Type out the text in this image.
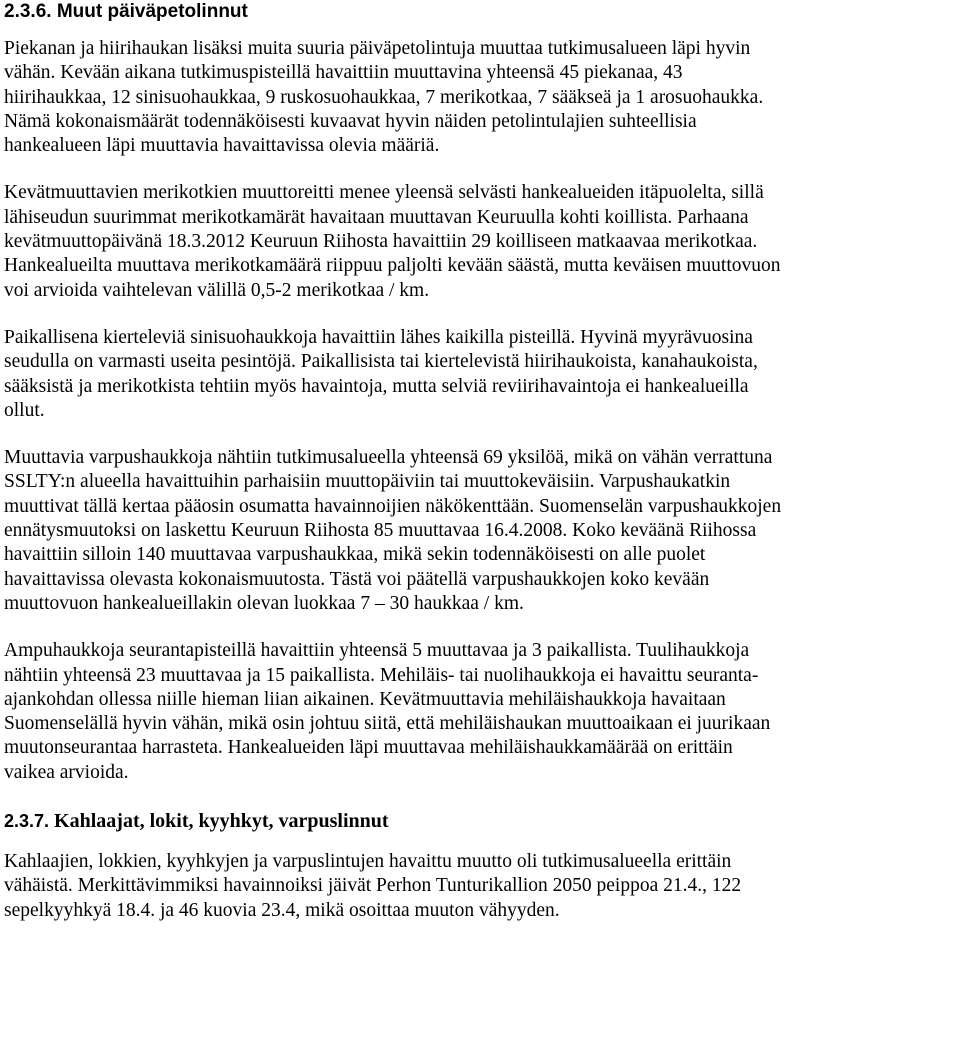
2.3.6. Muut päiväpetolinnut

Piekanan ja hiirihaukan lisäksi muita suuria päiväpetolintuja muuttaa tutkimusalueen läpi hyvin
vähän. Kevään aikana tutkimuspisteillä havaittiin muuttavina yhteensä 45 piekanaa, 43
hiirihaukkaa, 12 sinisuohaukkaa, 9 ruskosuohaukkaa, 7 merikotkaa, 7 sääkseä ja 1 arosuohaukka.
Nämä kokonaismäärät todennäköisesti kuvaavat hyvin näiden petolintulajien suhteellisia
hankealueen läpi muuttavia havaittavissa olevia määriä.

Kevätmuuttavien merikotkien muuttoreitti menee yleensä selvästi hankealueiden itäpuolelta, sillä
lähiseudun suurimmat merikotkamärät havaitaan muuttavan Keuruulla kohti koillista. Parhaana
kevätmuuttopäivänä 18.3.2012 Keuruun Riihosta havaittiin 29 koilliseen matkaavaa merikotkaa.
Hankealueilta muuttava merikotkamäärä riippuu paljolti kevään säästä, mutta keväisen muuttovuon
voi arvioida vaihtelevan välillä 0,5-2 merikotkaa / km.

Paikallisena kierteleviä sinisuohaukkoja havaittiin lähes kaikilla pisteillä. Hyvinä myyrävuosina
seudulla on varmasti useita pesintöjä. Paikallisista tai kiertelevistä hiirihaukoista, kanahaukoista,
sääksistä ja merikotkista tehtiin myös havaintoja, mutta selviä reviirihavaintoja ei hankealueilla
ollut.

Muuttavia varpushaukkoja nähtiin tutkimusalueella yhteensä 69 yksilöä, mikä on vähän verrattuna
SSLTY:n alueella havaittuihin parhaisiin muuttopäiviin tai muuttokeväisiin. Varpushaukatkin
muuttivat tällä kertaa pääosin osumatta havainnoijien näkökenttään. Suomenselän varpushaukkojen
ennätysmuutoksi on laskettu Keuruun Riihosta 85 muuttavaa 16.4.2008. Koko keväänä Riihossa
havaittiin silloin 140 muuttavaa varpushaukkaa, mikä sekin todennäköisesti on alle puolet
havaittavissa olevasta kokonaismuutosta. Tästä voi päätellä varpushaukkojen koko kevään
muuttovuon hankealueillakin olevan luokkaa 7 – 30 haukkaa / km.

Ampuhaukkoja seurantapisteillä havaittiin yhteensä 5 muuttavaa ja 3 paikallista. Tuulihaukkoja
nähtiin yhteensä 23 muuttavaa ja 15 paikallista. Mehiläis- tai nuolihaukkoja ei havaittu seuranta-
ajankohdan ollessa niille hieman liian aikainen. Kevätmuuttavia mehiläishaukkoja havaitaan
Suomenselällä hyvin vähän, mikä osin johtuu siitä, että mehiläishaukan muuttoaikaan ei juurikaan
muutonseurantaa harrasteta. Hankealueiden läpi muuttavaa mehiläishaukkamäärää on erittäin
vaikea arvioida.

2.3.7. Kahlaajat, lokit, kyyhkyt, varpuslinnut

Kahlaajien, lokkien, kyyhkyjen ja varpuslintujen havaittu muutto oli tutkimusalueella erittäin
vähäistä. Merkittävimmiksi havainnoiksi jäivät Perhon Tunturikallion 2050 peippoa 21.4., 122
sepelkyyhkyä 18.4. ja 46 kuovia 23.4, mikä osoittaa muuton vähyyden.
